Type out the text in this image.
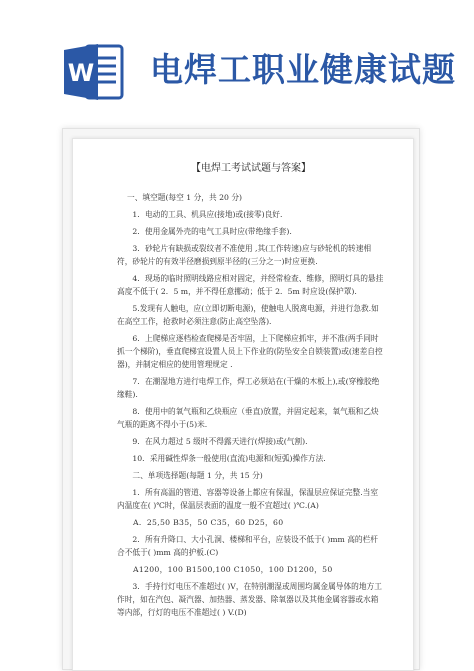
W 电焊工职业健康试题
【电焊工考试试题与答案】
一、填空题(每空 1 分，共 20 分)
1．电动的工具、机具应(接地)或(接零)良好.
2．使用金属外壳的电气工具时应(带绝缘手套).
3．砂轮片有缺损或裂纹者不准使用 ,其(工作转速)应与砂轮机的转速相符，砂轮片的有效半径磨损到原半径的(三分之一)时应更换.
4．现场的临时照明线路应相对固定，并经常检查、维修，照明灯具的悬挂高度不低于( 2．5 m，并不得任意挪动；低于 2．5m 时应设(保护罩).
5.发现有人触电，应(立即切断电源)，使触电人脱离电源，并进行急救.如在高空工作，抢救时必须注意(防止高空坠落).
6．上爬梯应逐档检查爬梯是否牢固，上下爬梯应抓牢，并不准(两手同时抓一个梯阶)，垂直爬梯宜设置人员上下作业的(防坠安全自锁装置)或(速差自控器)，并制定相应的使用管理规定 .
7．在潮湿地方进行电焊工作，焊工必须站在(干燥的木板上),或(穿橡胶绝缘鞋).
8．使用中的氧气瓶和乙炔瓶应（垂直)放置，并固定起来，氧气瓶和乙炔气瓶的距离不得小于(5)米.
9．在风力超过 5 级时不得露天进行(焊接)或(气割).
10．采用碱性焊条一般使用(直流)电源和(短弧)操作方法.
二、单项选择题(每题 1 分，共 15 分)
1．所有高温的管道、容器等设备上都应有保温，保温层应保证完整.当室内温度在( )℃时，保温层表面的温度一般不宜超过( )℃.(A)
A．25,50 B35，50 C35，60 D25，60
2．所有升降口、大小孔洞、楼梯和平台，应装设不低于( )mm 高的栏杆合不低于( )mm 高的护板.(C)
A1200，100 B1500,100 C1050，100 D1200，50
3．手持行灯电压不准超过( )V，在特别潮湿或周围均属金属导体的地方工作时，如在汽包、凝汽器、加热器、蒸发器、除氧器以及其他金属容器或水箱等内部，行灯的电压不准超过( ) V.(D)
